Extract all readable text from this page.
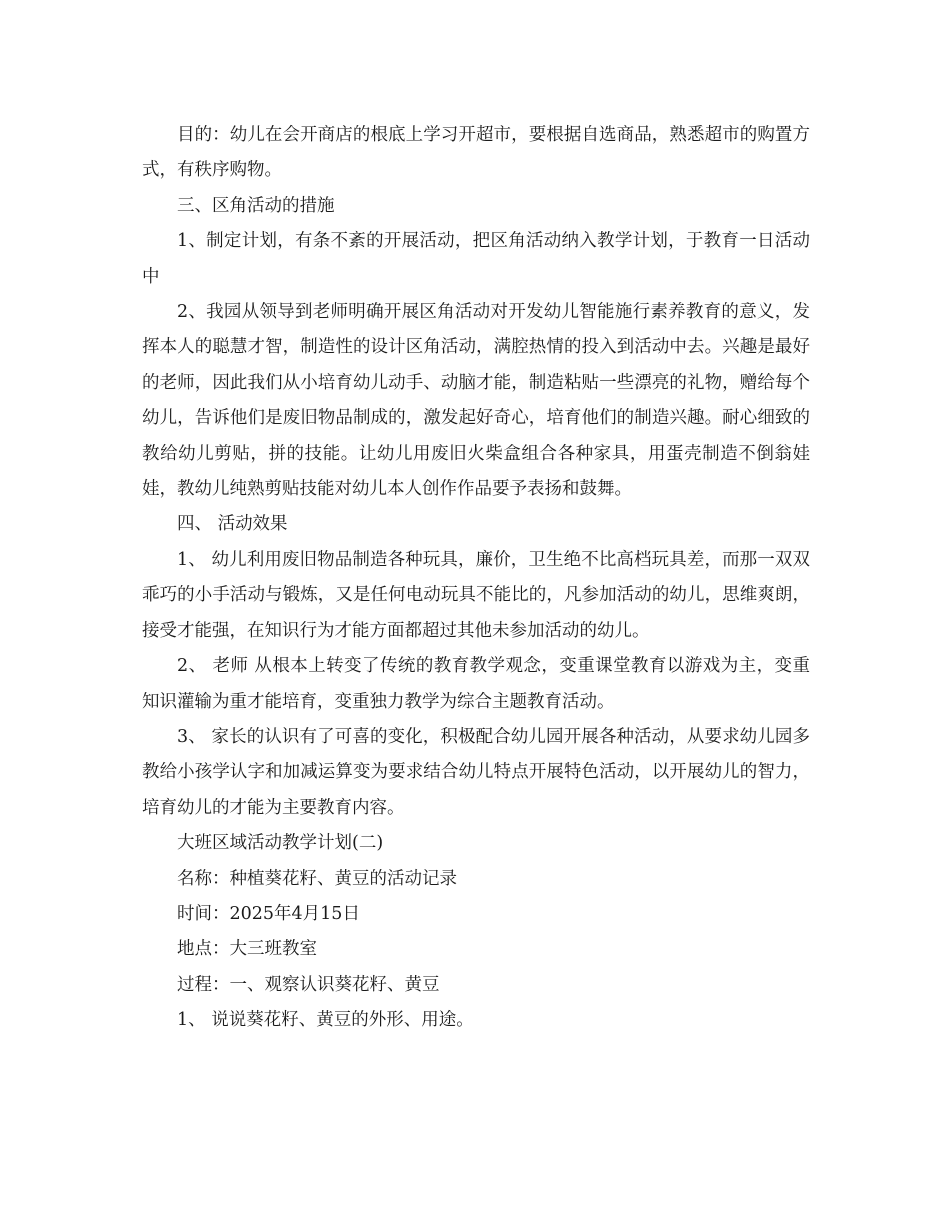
目的：幼儿在会开商店的根底上学习开超市，要根据自选商品，熟悉超市的购置方式，有秩序购物。

三、区角活动的措施

1、制定计划，有条不紊的开展活动，把区角活动纳入教学计划，于教育一日活动中

2、我园从领导到老师明确开展区角活动对开发幼儿智能施行素养教育的意义，发挥本人的聪慧才智，制造性的设计区角活动，满腔热情的投入到活动中去。兴趣是最好的老师，因此我们从小培育幼儿动手、动脑才能，制造粘贴一些漂亮的礼物，赠给每个幼儿，告诉他们是废旧物品制成的，激发起好奇心，培育他们的制造兴趣。耐心细致的教给幼儿剪贴，拼的技能。让幼儿用废旧火柴盒组合各种家具，用蛋壳制造不倒翁娃娃，教幼儿纯熟剪贴技能对幼儿本人创作作品要予表扬和鼓舞。

四、 活动效果

1、 幼儿利用废旧物品制造各种玩具，廉价，卫生绝不比高档玩具差，而那一双双乖巧的小手活动与锻炼，又是任何电动玩具不能比的，凡参加活动的幼儿，思维爽朗，接受才能强，在知识行为才能方面都超过其他未参加活动的幼儿。

2、 老师 从根本上转变了传统的教育教学观念，变重课堂教育以游戏为主，变重知识灌输为重才能培育，变重独力教学为综合主题教育活动。

3、 家长的认识有了可喜的变化，积极配合幼儿园开展各种活动，从要求幼儿园多教给小孩学认字和加减运算变为要求结合幼儿特点开展特色活动，以开展幼儿的智力，培育幼儿的才能为主要教育内容。

大班区域活动教学计划(二)

名称：种植葵花籽、黄豆的活动记录

时间：2025年4月15日

地点：大三班教室

过程：一、观察认识葵花籽、黄豆

1、 说说葵花籽、黄豆的外形、用途。
